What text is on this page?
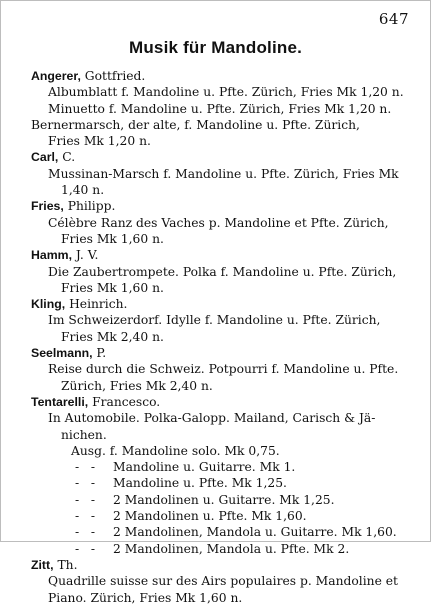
647
Musik für Mandoline.
Angerer, Gottfried.
Albumblatt f. Mandoline u. Pfte. Zürich, Fries Mk 1,20 n.
Minuetto f. Mandoline u. Pfte. Zürich, Fries Mk 1,20 n.
Bernermarsch, der alte, f. Mandoline u. Pfte. Zürich,
Fries Mk 1,20 n.
Carl, C.
Mussinan-Marsch f. Mandoline u. Pfte. Zürich, Fries Mk
1,40 n.
Fries, Philipp.
Célèbre Ranz des Vaches p. Mandoline et Pfte. Zürich,
Fries Mk 1,60 n.
Hamm, J. V.
Die Zaubertrompete. Polka f. Mandoline u. Pfte. Zürich,
Fries Mk 1,60 n.
Kling, Heinrich.
Im Schweizerdorf. Idylle f. Mandoline u. Pfte. Zürich,
Fries Mk 2,40 n.
Seelmann, P.
Reise durch die Schweiz. Potpourri f. Mandoline u. Pfte.
Zürich, Fries Mk 2,40 n.
Tentarelli, Francesco.
In Automobile. Polka-Galopp. Mailand, Carisch & Jä-
nichen.
Ausg. f. Mandoline solo. Mk 0,75.
-   - Mandoline u. Guitarre. Mk 1.
-   - Mandoline u. Pfte. Mk 1,25.
-   - 2 Mandolinen u. Guitarre. Mk 1,25.
-   - 2 Mandolinen u. Pfte. Mk 1,60.
-   - 2 Mandolinen, Mandola u. Guitarre. Mk 1,60.
-   - 2 Mandolinen, Mandola u. Pfte. Mk 2.
Zitt, Th.
Quadrille suisse sur des Airs populaires p. Mandoline et
Piano. Zürich, Fries Mk 1,60 n.
